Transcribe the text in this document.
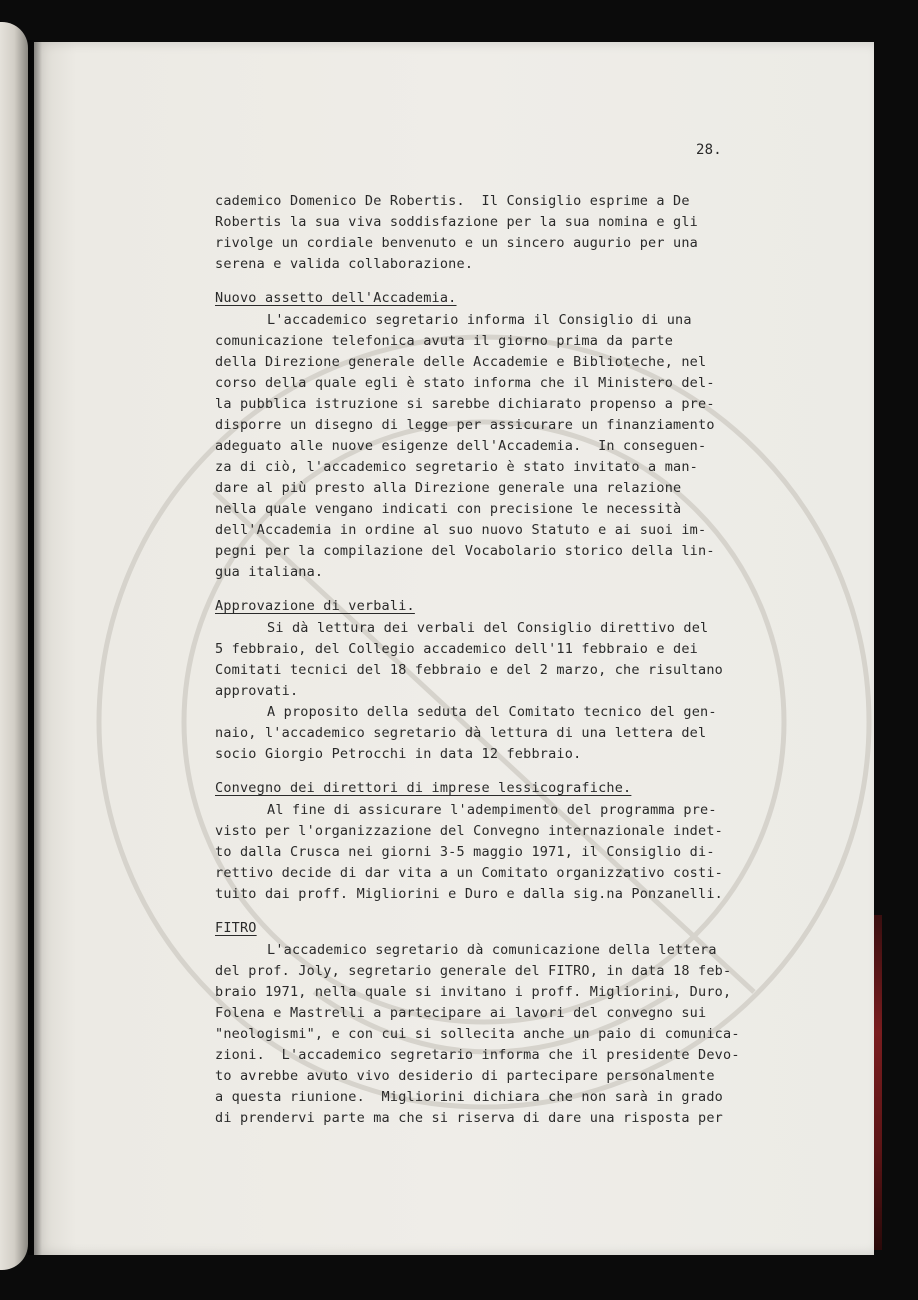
28.
cademico Domenico De Robertis.  Il Consiglio esprime a De
Robertis la sua viva soddisfazione per la sua nomina e gli
rivolge un cordiale benvenuto e un sincero augurio per una
serena e valida collaborazione.
Nuovo assetto dell'Accademia.
L'accademico segretario informa il Consiglio di una
comunicazione telefonica avuta il giorno prima da parte
della Direzione generale delle Accademie e Biblioteche, nel
corso della quale egli è stato informa che il Ministero del-
la pubblica istruzione si sarebbe dichiarato propenso a pre-
disporre un disegno di legge per assicurare un finanziamento
adeguato alle nuove esigenze dell'Accademia.  In conseguen-
za di ciò, l'accademico segretario è stato invitato a man-
dare al più presto alla Direzione generale una relazione
nella quale vengano indicati con precisione le necessità
dell'Accademia in ordine al suo nuovo Statuto e ai suoi im-
pegni per la compilazione del Vocabolario storico della lin-
gua italiana.
Approvazione di verbali.
Si dà lettura dei verbali del Consiglio direttivo del
5 febbraio, del Collegio accademico dell'11 febbraio e dei
Comitati tecnici del 18 febbraio e del 2 marzo, che risultano
approvati.
A proposito della seduta del Comitato tecnico del gen-
naio, l'accademico segretario dà lettura di una lettera del
socio Giorgio Petrocchi in data 12 febbraio.
Convegno dei direttori di imprese lessicografiche.
Al fine di assicurare l'adempimento del programma pre-
visto per l'organizzazione del Convegno internazionale indet-
to dalla Crusca nei giorni 3-5 maggio 1971, il Consiglio di-
rettivo decide di dar vita a un Comitato organizzativo costi-
tuito dai proff. Migliorini e Duro e dalla sig.na Ponzanelli.
FITRO
L'accademico segretario dà comunicazione della lettera
del prof. Joly, segretario generale del FITRO, in data 18 feb-
braio 1971, nella quale si invitano i proff. Migliorini, Duro,
Folena e Mastrelli a partecipare ai lavori del convegno sui
"neologismi", e con cui si sollecita anche un paio di comunica-
zioni.  L'accademico segretario informa che il presidente Devo-
to avrebbe avuto vivo desiderio di partecipare personalmente
a questa riunione.  Migliorini dichiara che non sarà in grado
di prendervi parte ma che si riserva di dare una risposta per
